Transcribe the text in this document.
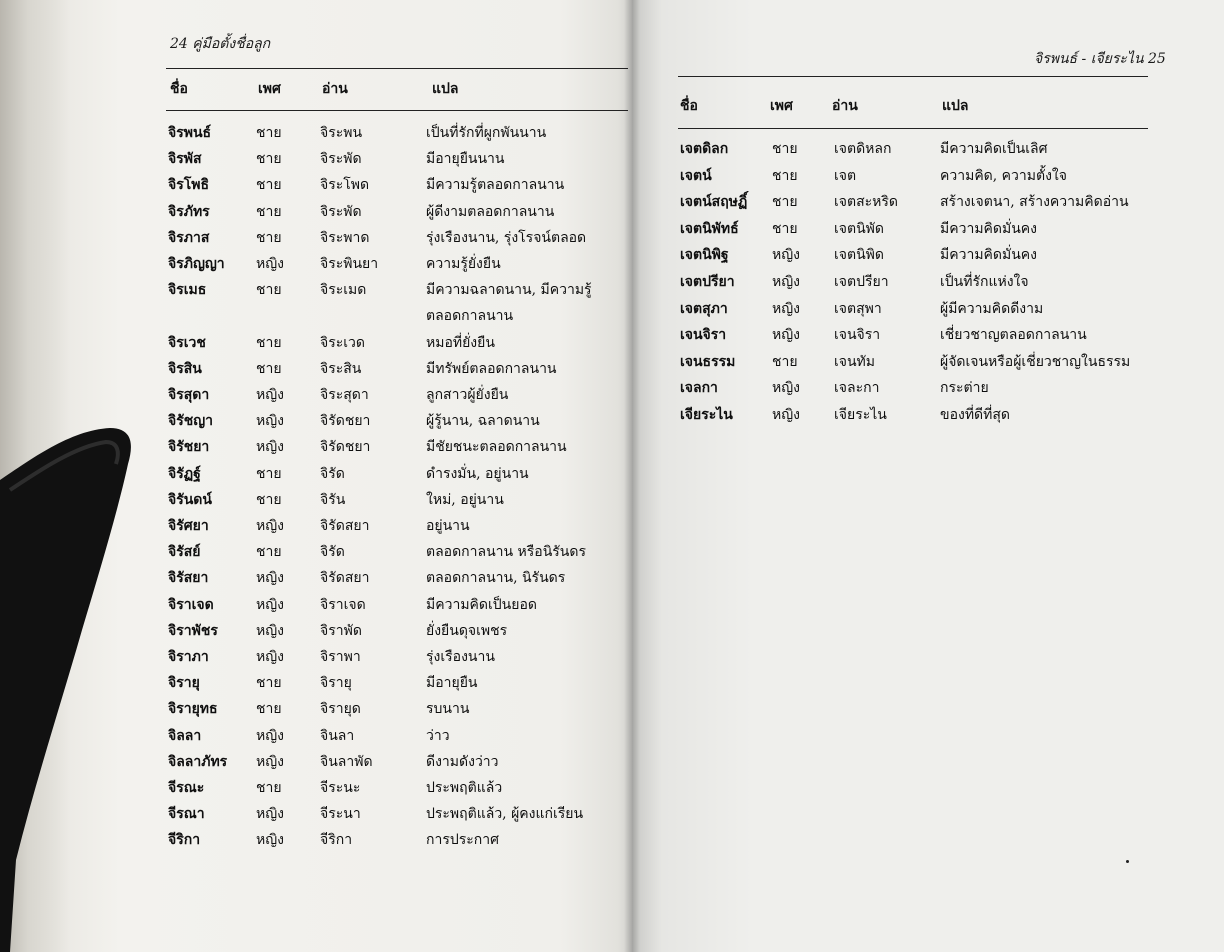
24 คู่มือตั้งชื่อลูก
ชื่อ	เพศ	อ่าน	แปล
จิรพนธ์	ชาย	จิระพน	เป็นที่รักที่ผูกพันนาน
จิรพัส	ชาย	จิระพัด	มีอายุยืนนาน
จิรโพธิ	ชาย	จิระโพด	มีความรู้ตลอดกาลนาน
จิรภัทร	ชาย	จิระพัด	ผู้ดีงามตลอดกาลนาน
จิรภาส	ชาย	จิระพาด	รุ่งเรืองนาน, รุ่งโรจน์ตลอด
จิรภิญญา หญิง	จิระพินยา	ความรู้ยั่งยืน
จิรเมธ	ชาย	จิระเมด	มีความฉลาดนาน, มีความรู้
ตลอดกาลนาน
จิรเวช	ชาย	จิระเวด	หมอที่ยั่งยืน
จิรสิน	ชาย	จิระสิน	มีทรัพย์ตลอดกาลนาน
จิรสุดา	หญิง	จิระสุดา	ลูกสาวผู้ยั่งยืน
จิรัชญา	หญิง	จิรัดชยา	ผู้รู้นาน, ฉลาดนาน
จิรัชยา	หญิง	จิรัดชยา	มีชัยชนะตลอดกาลนาน
จิรัฏฐ์	ชาย	จิรัด	ดำรงมั่น, อยู่นาน
จิรันดน์	ชาย	จิรัน	ใหม่, อยู่นาน
จิรัศยา	หญิง	จิรัดสยา	อยู่นาน
จิรัสย์	ชาย	จิรัด	ตลอดกาลนาน หรือนิรันดร
จิรัสยา	หญิง	จิรัดสยา	ตลอดกาลนาน, นิรันดร
จิราเจด	หญิง	จิราเจด	มีความคิดเป็นยอด
จิราพัชร	หญิง	จิราพัด	ยั่งยืนดุจเพชร
จิราภา	หญิง	จิราพา	รุ่งเรืองนาน
จิรายุ	ชาย	จิรายุ	มีอายุยืน
จิรายุทธ	ชาย	จิรายุด	รบนาน
จิลลา	หญิง	จินลา	ว่าว
จิลลาภัทร หญิง	จินลาพัด	ดีงามดังว่าว
จีรณะ	ชาย	จีระนะ	ประพฤติแล้ว
จีรณา	หญิง	จีระนา	ประพฤติแล้ว, ผู้คงแก่เรียน
จีริกา	หญิง	จีริกา	การประกาศ
จิรพนธ์ - เจียระไน 25
ชื่อ	เพศ	อ่าน	แปล
เจตดิลก	ชาย	เจตดิหลก	มีความคิดเป็นเลิศ
เจตน์	ชาย	เจต	ความคิด, ความตั้งใจ
เจตน์สฤษฏิ์ ชาย	เจตสะหริด	สร้างเจตนา, สร้างความคิดอ่าน
เจตนิพัทธ์ ชาย	เจตนิพัด	มีความคิดมั่นคง
เจตนิพิฐ	หญิง เจตนิพิด	มีความคิดมั่นคง
เจตปรียา	หญิง เจตปรียา	เป็นที่รักแห่งใจ
เจตสุภา	หญิง เจตสุพา	ผู้มีความคิดดีงาม
เจนจิรา	หญิง เจนจิรา	เชี่ยวชาญตลอดกาลนาน
เจนธรรม	ชาย	เจนทัม	ผู้จัดเจนหรือผู้เชี่ยวชาญในธรรม
เจลกา	หญิง เจละกา	กระต่าย
เจียระไน	หญิง เจียระไน	ของที่ดีที่สุด
